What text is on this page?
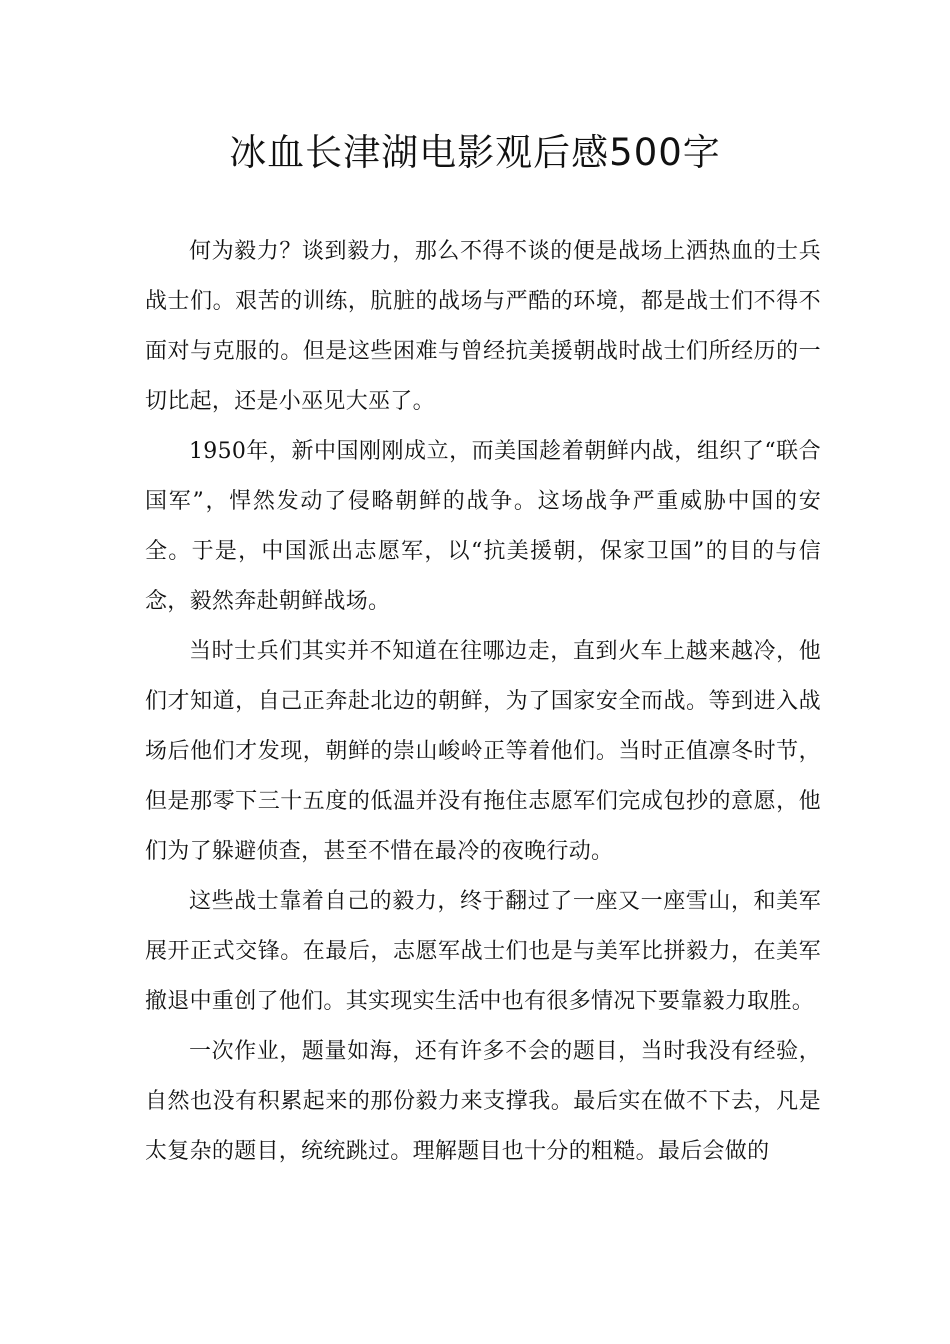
冰血长津湖电影观后感500字

何为毅力？谈到毅力，那么不得不谈的便是战场上洒热血的士兵战士们。艰苦的训练，肮脏的战场与严酷的环境，都是战士们不得不面对与克服的。但是这些困难与曾经抗美援朝战时战士们所经历的一切比起，还是小巫见大巫了。

1950年，新中国刚刚成立，而美国趁着朝鲜内战，组织了“联合国军”，悍然发动了侵略朝鲜的战争。这场战争严重威胁中国的安全。于是，中国派出志愿军，以“抗美援朝，保家卫国”的目的与信念，毅然奔赴朝鲜战场。

当时士兵们其实并不知道在往哪边走，直到火车上越来越冷，他们才知道，自己正奔赴北边的朝鲜，为了国家安全而战。等到进入战场后他们才发现，朝鲜的崇山峻岭正等着他们。当时正值凛冬时节，但是那零下三十五度的低温并没有拖住志愿军们完成包抄的意愿，他们为了躲避侦查，甚至不惜在最冷的夜晚行动。

这些战士靠着自己的毅力，终于翻过了一座又一座雪山，和美军展开正式交锋。在最后，志愿军战士们也是与美军比拼毅力，在美军撤退中重创了他们。其实现实生活中也有很多情况下要靠毅力取胜。

一次作业，题量如海，还有许多不会的题目，当时我没有经验，自然也没有积累起来的那份毅力来支撑我。最后实在做不下去，凡是太复杂的题目，统统跳过。理解题目也十分的粗糙。最后会做的
